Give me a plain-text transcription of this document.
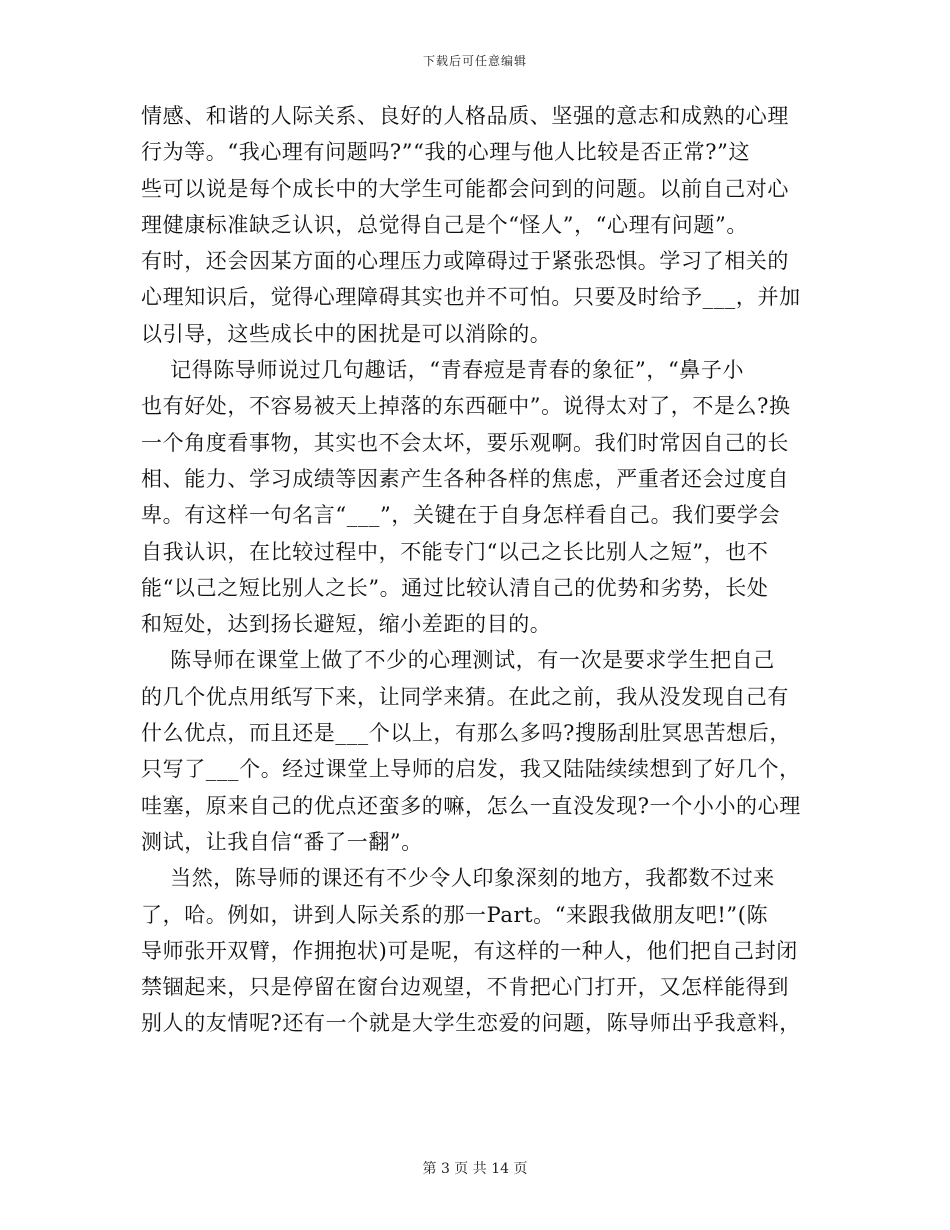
下载后可任意编辑

情感、和谐的人际关系、良好的人格品质、坚强的意志和成熟的心理
行为等。“我心理有问题吗?”“我的心理与他人比较是否正常?”这
些可以说是每个成长中的大学生可能都会问到的问题。以前自己对心
理健康标准缺乏认识，总觉得自己是个“怪人”，“心理有问题”。
有时，还会因某方面的心理压力或障碍过于紧张恐惧。学习了相关的
心理知识后，觉得心理障碍其实也并不可怕。只要及时给予___，并加
以引导，这些成长中的困扰是可以消除的。

记得陈导师说过几句趣话，“青春痘是青春的象征”，“鼻子小
也有好处，不容易被天上掉落的东西砸中”。说得太对了，不是么?换
一个角度看事物，其实也不会太坏，要乐观啊。我们时常因自己的长
相、能力、学习成绩等因素产生各种各样的焦虑，严重者还会过度自
卑。有这样一句名言“___”，关键在于自身怎样看自己。我们要学会
自我认识，在比较过程中，不能专门“以己之长比别人之短”，也不
能“以己之短比别人之长”。通过比较认清自己的优势和劣势，长处
和短处，达到扬长避短，缩小差距的目的。

陈导师在课堂上做了不少的心理测试，有一次是要求学生把自己
的几个优点用纸写下来，让同学来猜。在此之前，我从没发现自己有
什么优点，而且还是___个以上，有那么多吗?搜肠刮肚冥思苦想后，
只写了___个。经过课堂上导师的启发，我又陆陆续续想到了好几个，
哇塞，原来自己的优点还蛮多的嘛，怎么一直没发现?一个小小的心理
测试，让我自信“番了一翻”。

当然，陈导师的课还有不少令人印象深刻的地方，我都数不过来
了，哈。例如，讲到人际关系的那一Part。“来跟我做朋友吧!”(陈
导师张开双臂，作拥抱状)可是呢，有这样的一种人，他们把自己封闭
禁锢起来，只是停留在窗台边观望，不肯把心门打开，又怎样能得到
别人的友情呢?还有一个就是大学生恋爱的问题，陈导师出乎我意料，

第 3 页 共 14 页
